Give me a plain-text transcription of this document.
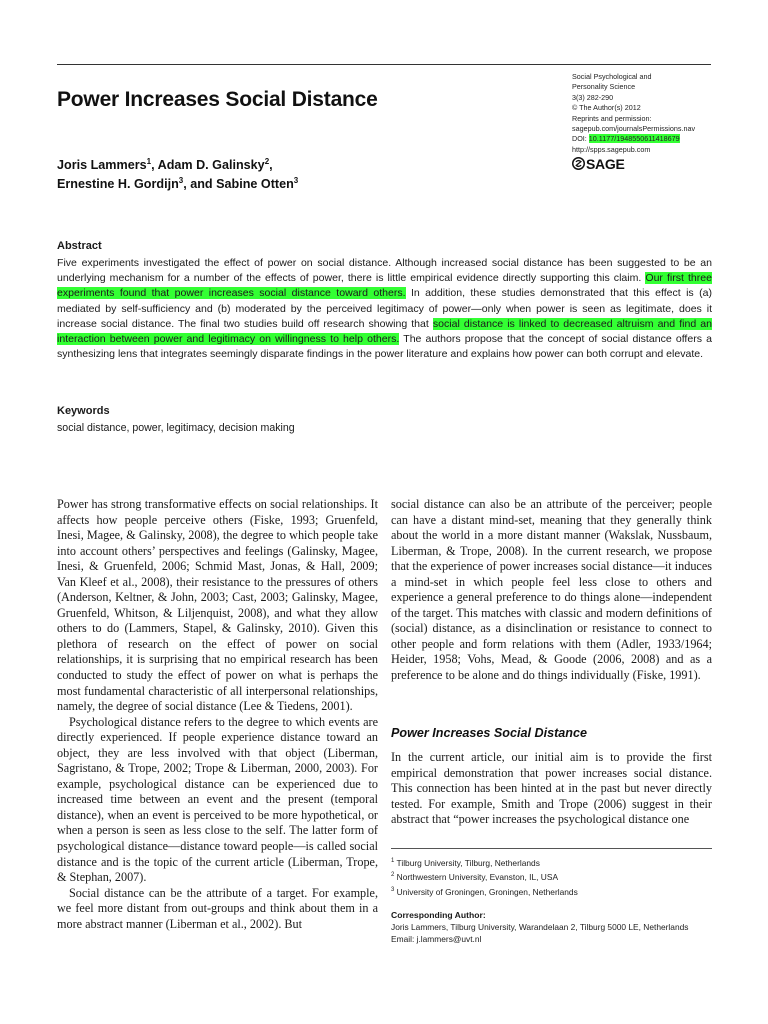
Social Psychological and
Personality Science
3(3) 282-290
© The Author(s) 2012
Reprints and permission:
sagepub.com/journalsPermissions.nav
DOI: 10.1177/1948550611418679
http://spps.sagepub.com
SAGE
Power Increases Social Distance
Joris Lammers$^1$, Adam D. Galinsky$^2$,
Ernestine H. Gordijn$^3$, and Sabine Otten$^3$
Abstract

Five experiments investigated the effect of power on social distance. Although increased social distance has been suggested to be an underlying mechanism for a number of the effects of power, there is little empirical evidence directly supporting this claim. Our first three experiments found that power increases social distance toward others. In addition, these studies demonstrated that this effect is (a) mediated by self-sufficiency and (b) moderated by the perceived legitimacy of power—only when power is seen as legitimate, does it increase social distance. The final two studies build off research showing that social distance is linked to decreased altruism and find an interaction between power and legitimacy on willingness to help others. The authors propose that the concept of social distance offers a synthesizing lens that integrates seemingly disparate findings in the power literature and explains how power can both corrupt and elevate.

Keywords

social distance, power, legitimacy, decision making

Power has strong transformative effects on social relationships. It affects how people perceive others (Fiske, 1993; Gruenfeld, Inesi, Magee, & Galinsky, 2008), the degree to which people take into account others’ perspectives and feelings (Galinsky, Magee, Inesi, & Gruenfeld, 2006; Schmid Mast, Jonas, & Hall, 2009; Van Kleef et al., 2008), their resistance to the pressures of others (Anderson, Keltner, & John, 2003; Cast, 2003; Galinsky, Magee, Gruenfeld, Whitson, & Liljenquist, 2008), and what they allow others to do (Lammers, Stapel, & Galinsky, 2010). Given this plethora of research on the effect of power on social relationships, it is surprising that no empirical research has been conducted to study the effect of power on what is perhaps the most fundamental characteristic of all interpersonal relationships, namely, the degree of social distance (Lee & Tiedens, 2001).

Psychological distance refers to the degree to which events are directly experienced. If people experience distance toward an object, they are less involved with that object (Liberman, Sagristano, & Trope, 2002; Trope & Liberman, 2000, 2003). For example, psychological distance can be experienced due to increased time between an event and the present (temporal distance), when an event is perceived to be more hypothetical, or when a person is seen as less close to the self. The latter form of psychological distance—distance toward people—is called social distance and is the topic of the current article (Liberman, Trope, & Stephan, 2007).

Social distance can be the attribute of a target. For example, we feel more distant from out-groups and think about them in a more abstract manner (Liberman et al., 2002). But

social distance can also be an attribute of the perceiver; people can have a distant mind-set, meaning that they generally think about the world in a more distant manner (Wakslak, Nussbaum, Liberman, & Trope, 2008). In the current research, we propose that the experience of power increases social distance—it induces a mind-set in which people feel less close to others and experience a general preference to do things alone—independent of the target. This matches with classic and modern definitions of (social) distance, as a disinclination or resistance to connect to other people and form relations with them (Adler, 1933/1964; Heider, 1958; Vohs, Mead, & Goode (2006, 2008) and as a preference to be alone and do things individually (Fiske, 1991).

Power Increases Social Distance

In the current article, our initial aim is to provide the first empirical demonstration that power increases social distance. This connection has been hinted at in the past but never directly tested. For example, Smith and Trope (2006) suggest in their abstract that “power increases the psychological distance one

$^1$ Tilburg University, Tilburg, Netherlands
$^2$ Northwestern University, Evanston, IL, USA
$^3$ University of Groningen, Groningen, Netherlands
Corresponding Author:
Joris Lammers, Tilburg University, Warandelaan 2, Tilburg 5000 LE, Netherlands
Email: j.lammers@uvt.nl
